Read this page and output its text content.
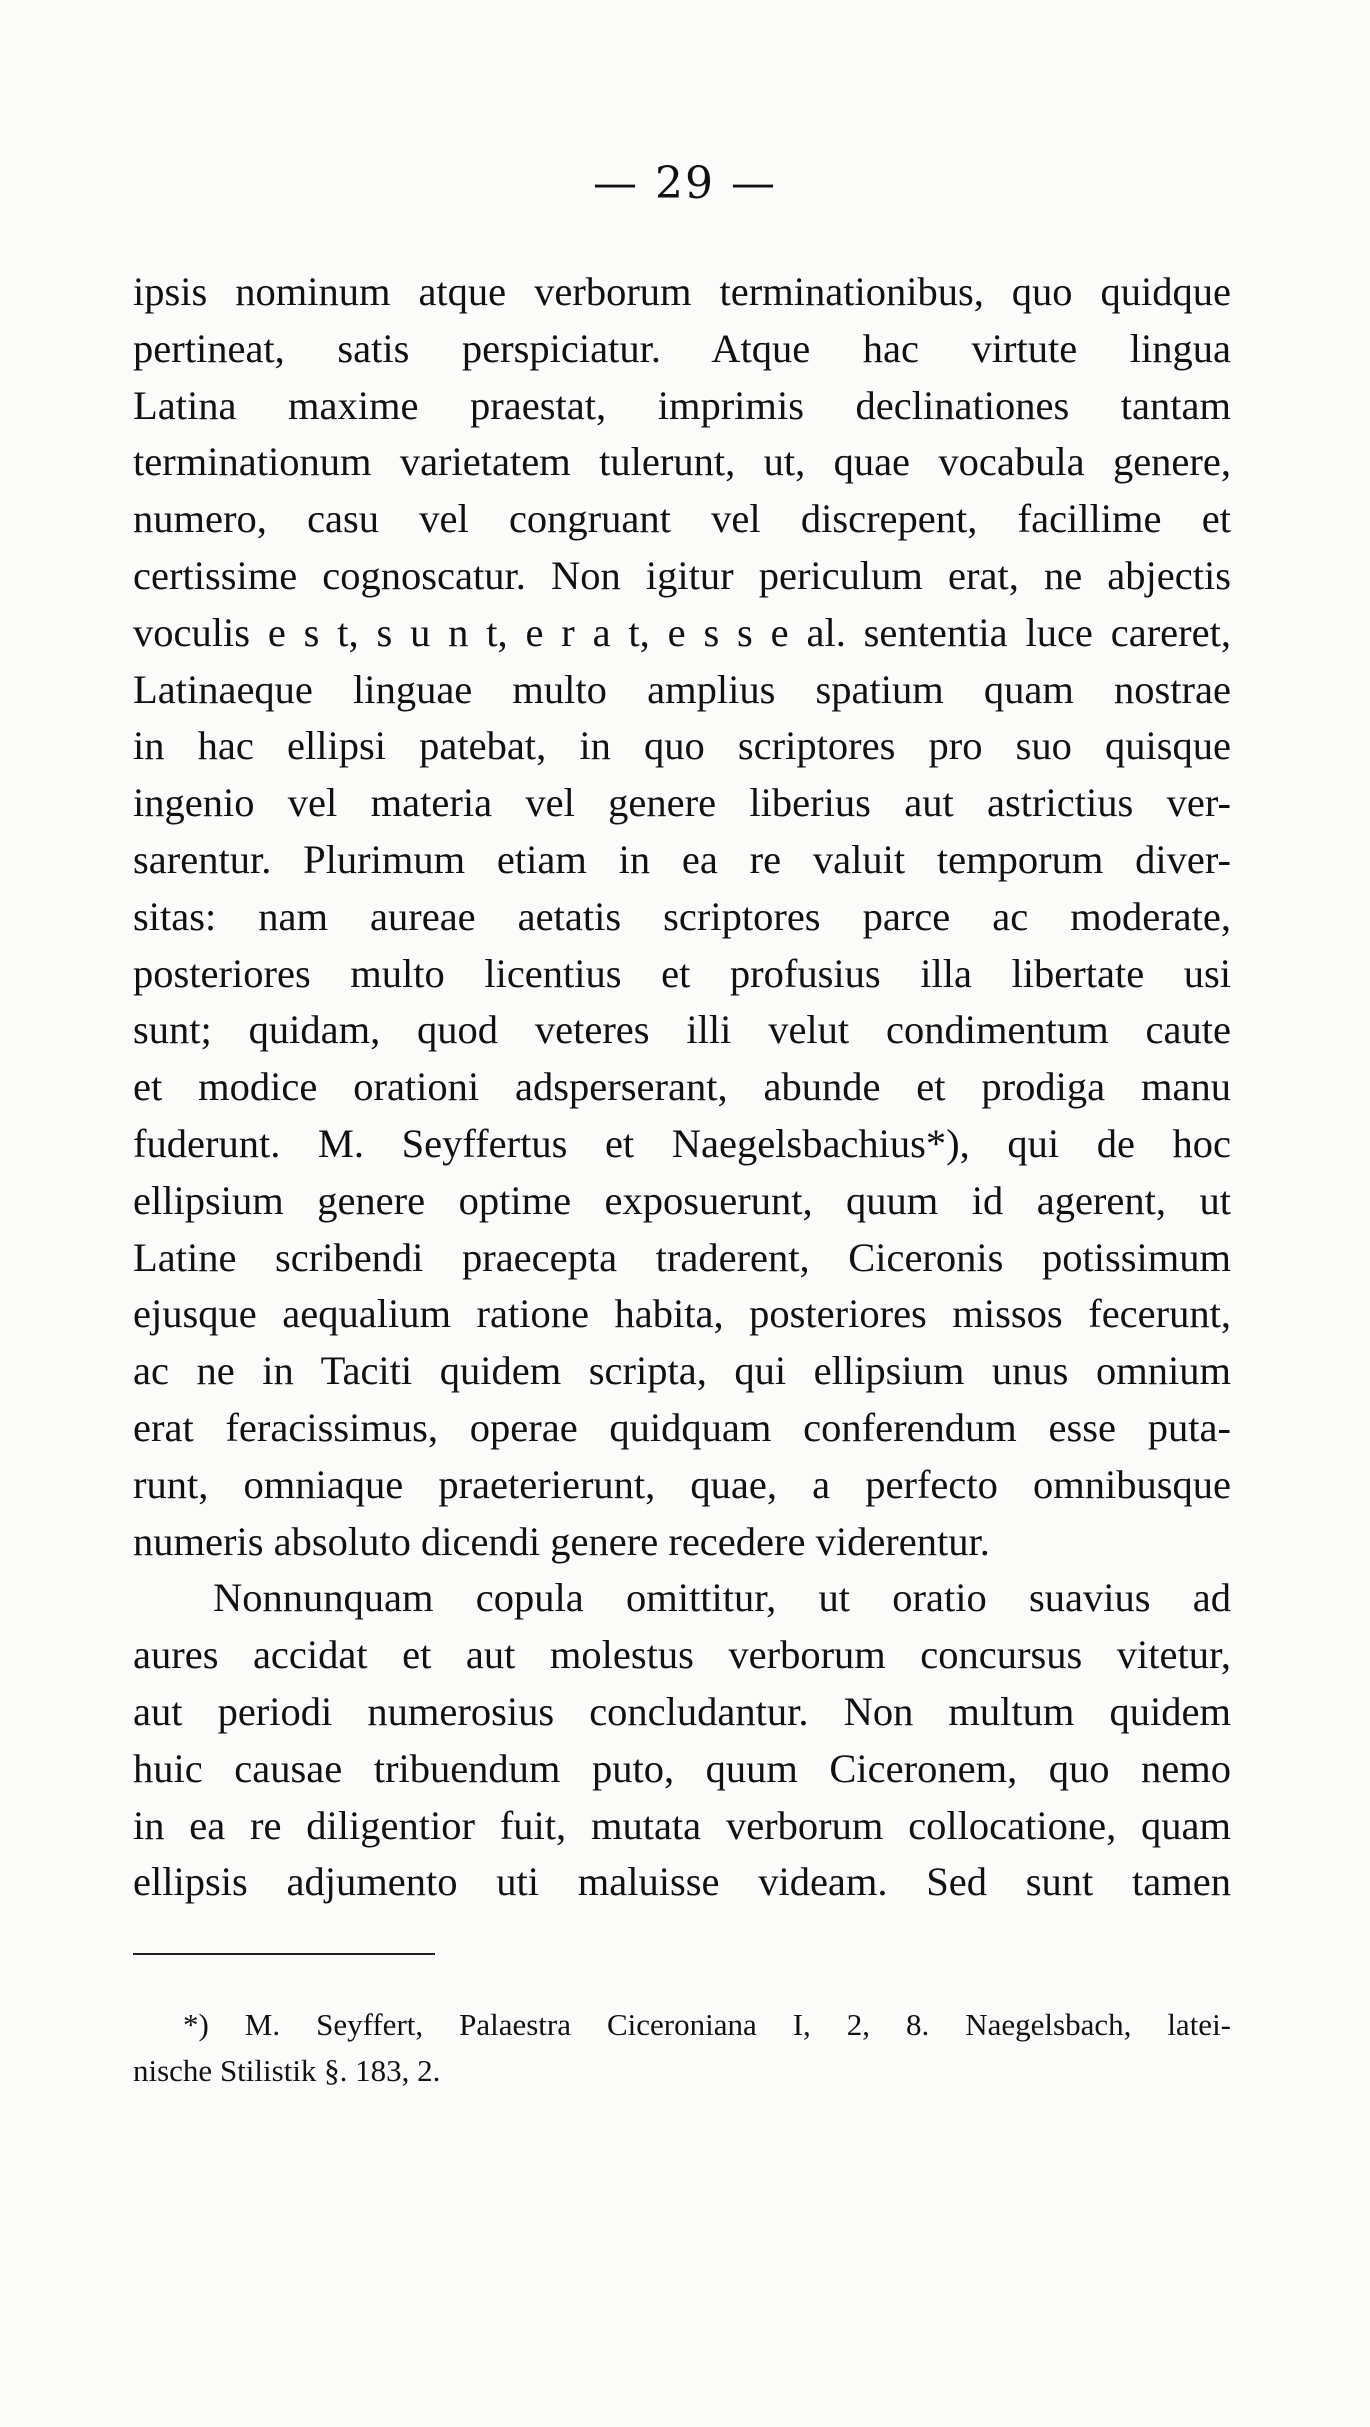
— 29 —
ipsis nominum atque verborum terminationibus, quo quidque
pertineat, satis perspiciatur. Atque hac virtute lingua
Latina maxime praestat, imprimis declinationes tantam
terminationum varietatem tulerunt, ut, quae vocabula genere,
numero, casu vel congruant vel discrepent, facillime et
certissime cognoscatur. Non igitur periculum erat, ne abjectis
voculis e s t, s u n t, e r a t, e s s e al. sententia luce careret,
Latinaeque linguae multo amplius spatium quam nostrae
in hac ellipsi patebat, in quo scriptores pro suo quisque
ingenio vel materia vel genere liberius aut astrictius ver-
sarentur. Plurimum etiam in ea re valuit temporum diver-
sitas: nam aureae aetatis scriptores parce ac moderate,
posteriores multo licentius et profusius illa libertate usi
sunt; quidam, quod veteres illi velut condimentum caute
et modice orationi adsperserant, abunde et prodiga manu
fuderunt. M. Seyffertus et Naegelsbachius*), qui de hoc
ellipsium genere optime exposuerunt, quum id agerent, ut
Latine scribendi praecepta traderent, Ciceronis potissimum
ejusque aequalium ratione habita, posteriores missos fecerunt,
ac ne in Taciti quidem scripta, qui ellipsium unus omnium
erat feracissimus, operae quidquam conferendum esse puta-
runt, omniaque praeterierunt, quae, a perfecto omnibusque
numeris absoluto dicendi genere recedere viderentur.
Nonnunquam copula omittitur, ut oratio suavius ad
aures accidat et aut molestus verborum concursus vitetur,
aut periodi numerosius concludantur. Non multum quidem
huic causae tribuendum puto, quum Ciceronem, quo nemo
in ea re diligentior fuit, mutata verborum collocatione, quam
ellipsis adjumento uti maluisse videam. Sed sunt tamen
*) M. Seyffert, Palaestra Ciceroniana I, 2, 8. Naegelsbach, latei-
nische Stilistik §. 183, 2.
